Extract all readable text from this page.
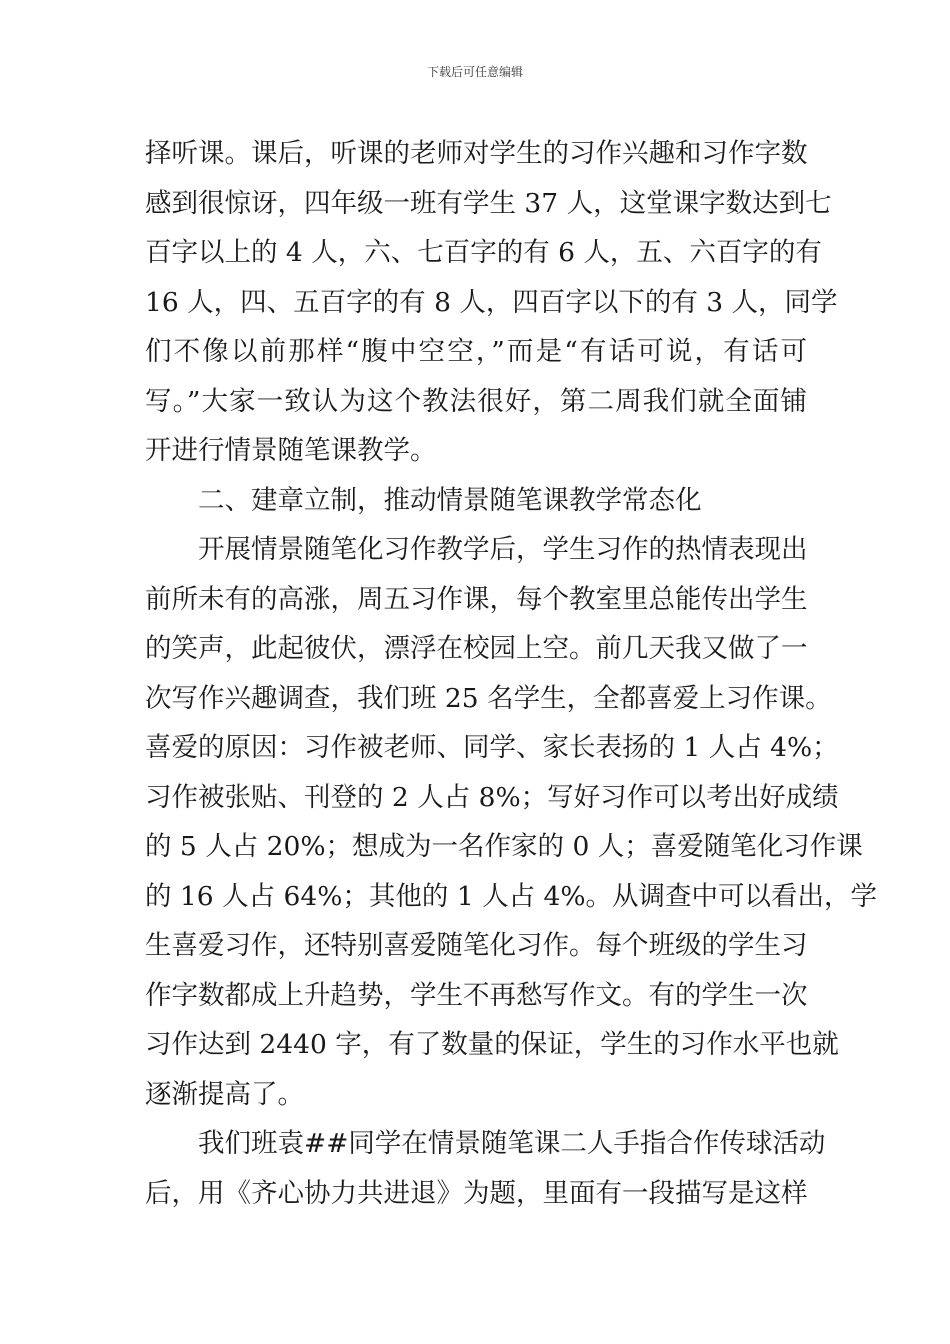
下载后可任意编辑
择听课。课后，听课的老师对学生的习作兴趣和习作字数
感到很惊讶，四年级一班有学生 37 人，这堂课字数达到七
百字以上的 4 人，六、七百字的有 6 人，五、六百字的有
16 人，四、五百字的有 8 人，四百字以下的有 3 人，同学
们不像以前那样“腹中空空，”而是“有话可说，有话可
写。”大家一致认为这个教法很好，第二周我们就全面铺
开进行情景随笔课教学。
二、建章立制，推动情景随笔课教学常态化
开展情景随笔化习作教学后，学生习作的热情表现出
前所未有的高涨，周五习作课，每个教室里总能传出学生
的笑声，此起彼伏，漂浮在校园上空。前几天我又做了一
次写作兴趣调查，我们班 25 名学生，全都喜爱上习作课。
喜爱的原因：习作被老师、同学、家长表扬的 1 人占 4%；
习作被张贴、刊登的 2 人占 8%；写好习作可以考出好成绩
的 5 人占 20%；想成为一名作家的 0 人；喜爱随笔化习作课
的 16 人占 64%；其他的 1 人占 4%。从调查中可以看出，学
生喜爱习作，还特别喜爱随笔化习作。每个班级的学生习
作字数都成上升趋势，学生不再愁写作文。有的学生一次
习作达到 2440 字，有了数量的保证，学生的习作水平也就
逐渐提高了。
我们班袁##同学在情景随笔课二人手指合作传球活动
后，用《齐心协力共进退》为题，里面有一段描写是这样
